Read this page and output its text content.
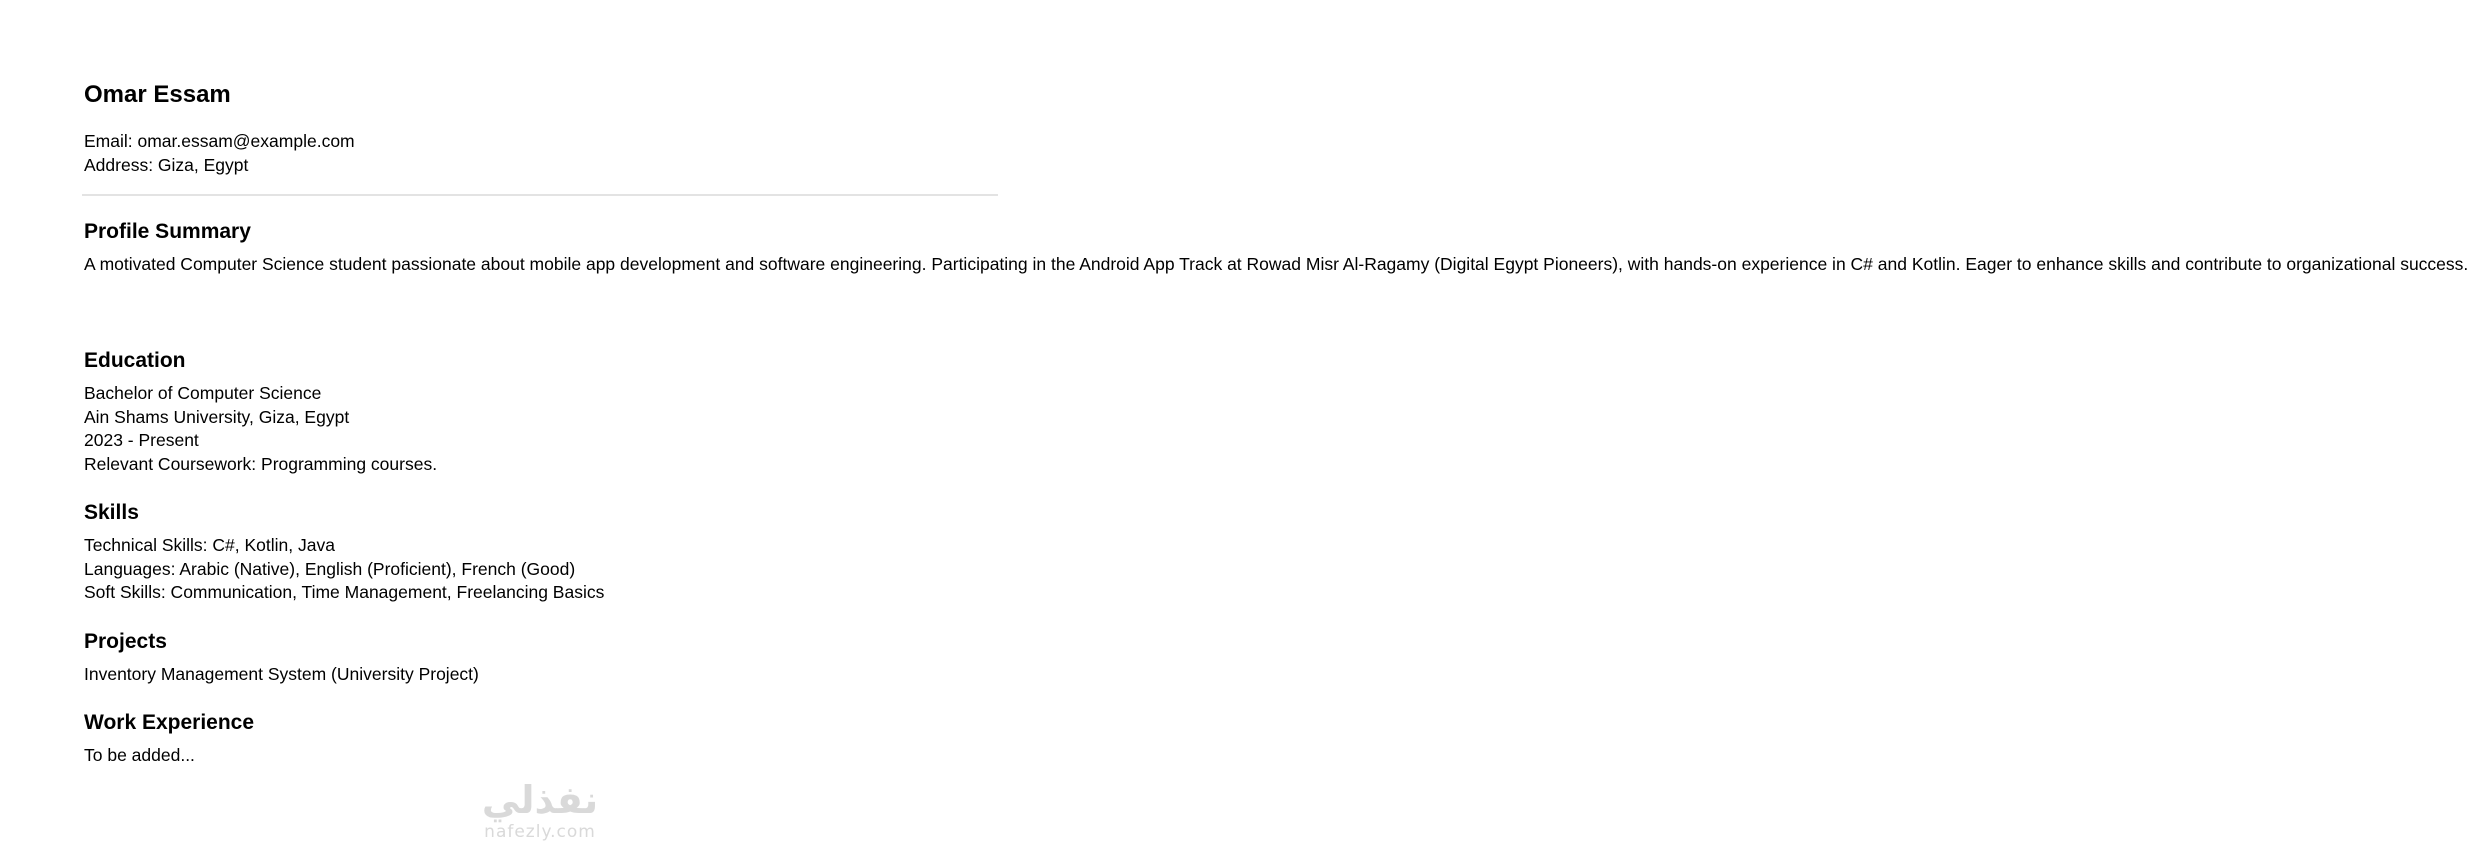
Omar Essam
Email: omar.essam@example.com
Address: Giza, Egypt
Profile Summary
A motivated Computer Science student passionate about mobile app development and software engineering. Participating in the Android App Track at Rowad Misr Al-Ragamy (Digital Egypt Pioneers), with hands-on experience in C# and Kotlin. Eager to enhance skills and contribute to organizational success.
Education
Bachelor of Computer Science
Ain Shams University, Giza, Egypt
2023 - Present
Relevant Coursework: Programming courses.
Skills
Technical Skills: C#, Kotlin, Java
Languages: Arabic (Native), English (Proficient), French (Good)
Soft Skills: Communication, Time Management, Freelancing Basics
Projects
Inventory Management System (University Project)
Work Experience
To be added...
نفذلي
nafezly.com
